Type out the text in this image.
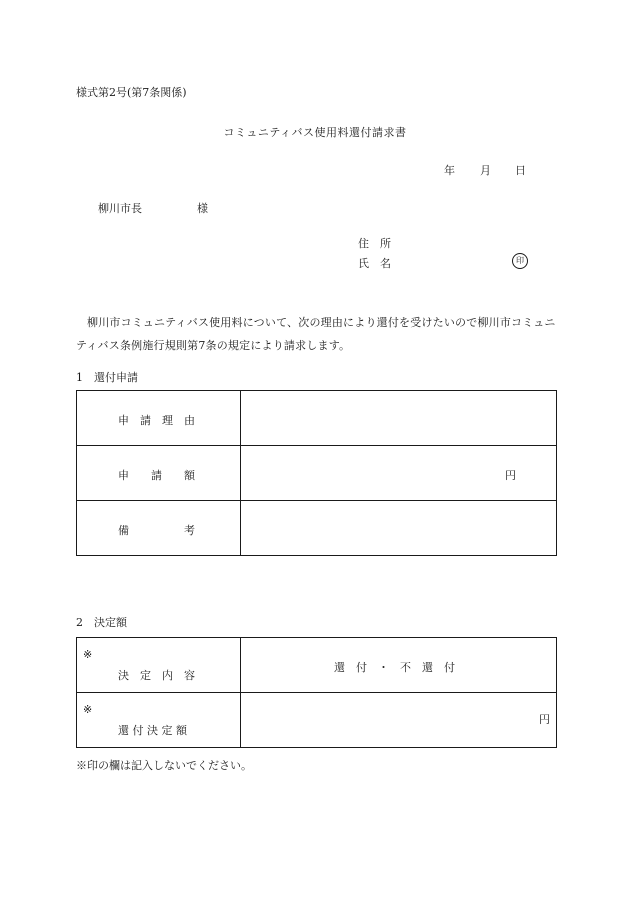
様式第2号(第7条関係)
コミュニティバス使用料還付請求書
年 月 日
柳川市長	様
住　所
氏　名	印
柳川市コミュニティバス使用料について、次の理由により還付を受けたいので柳川市コミュニティバス条例施行規則第7条の規定により請求します。
1　還付申請
申　請　理　由	

申　　請　　額	円

備　　　　　考	

2　決定額
※
決　定　内　容	還　付　・　不　還　付

※
還 付 決 定 額	円
※印の欄は記入しないでください。
